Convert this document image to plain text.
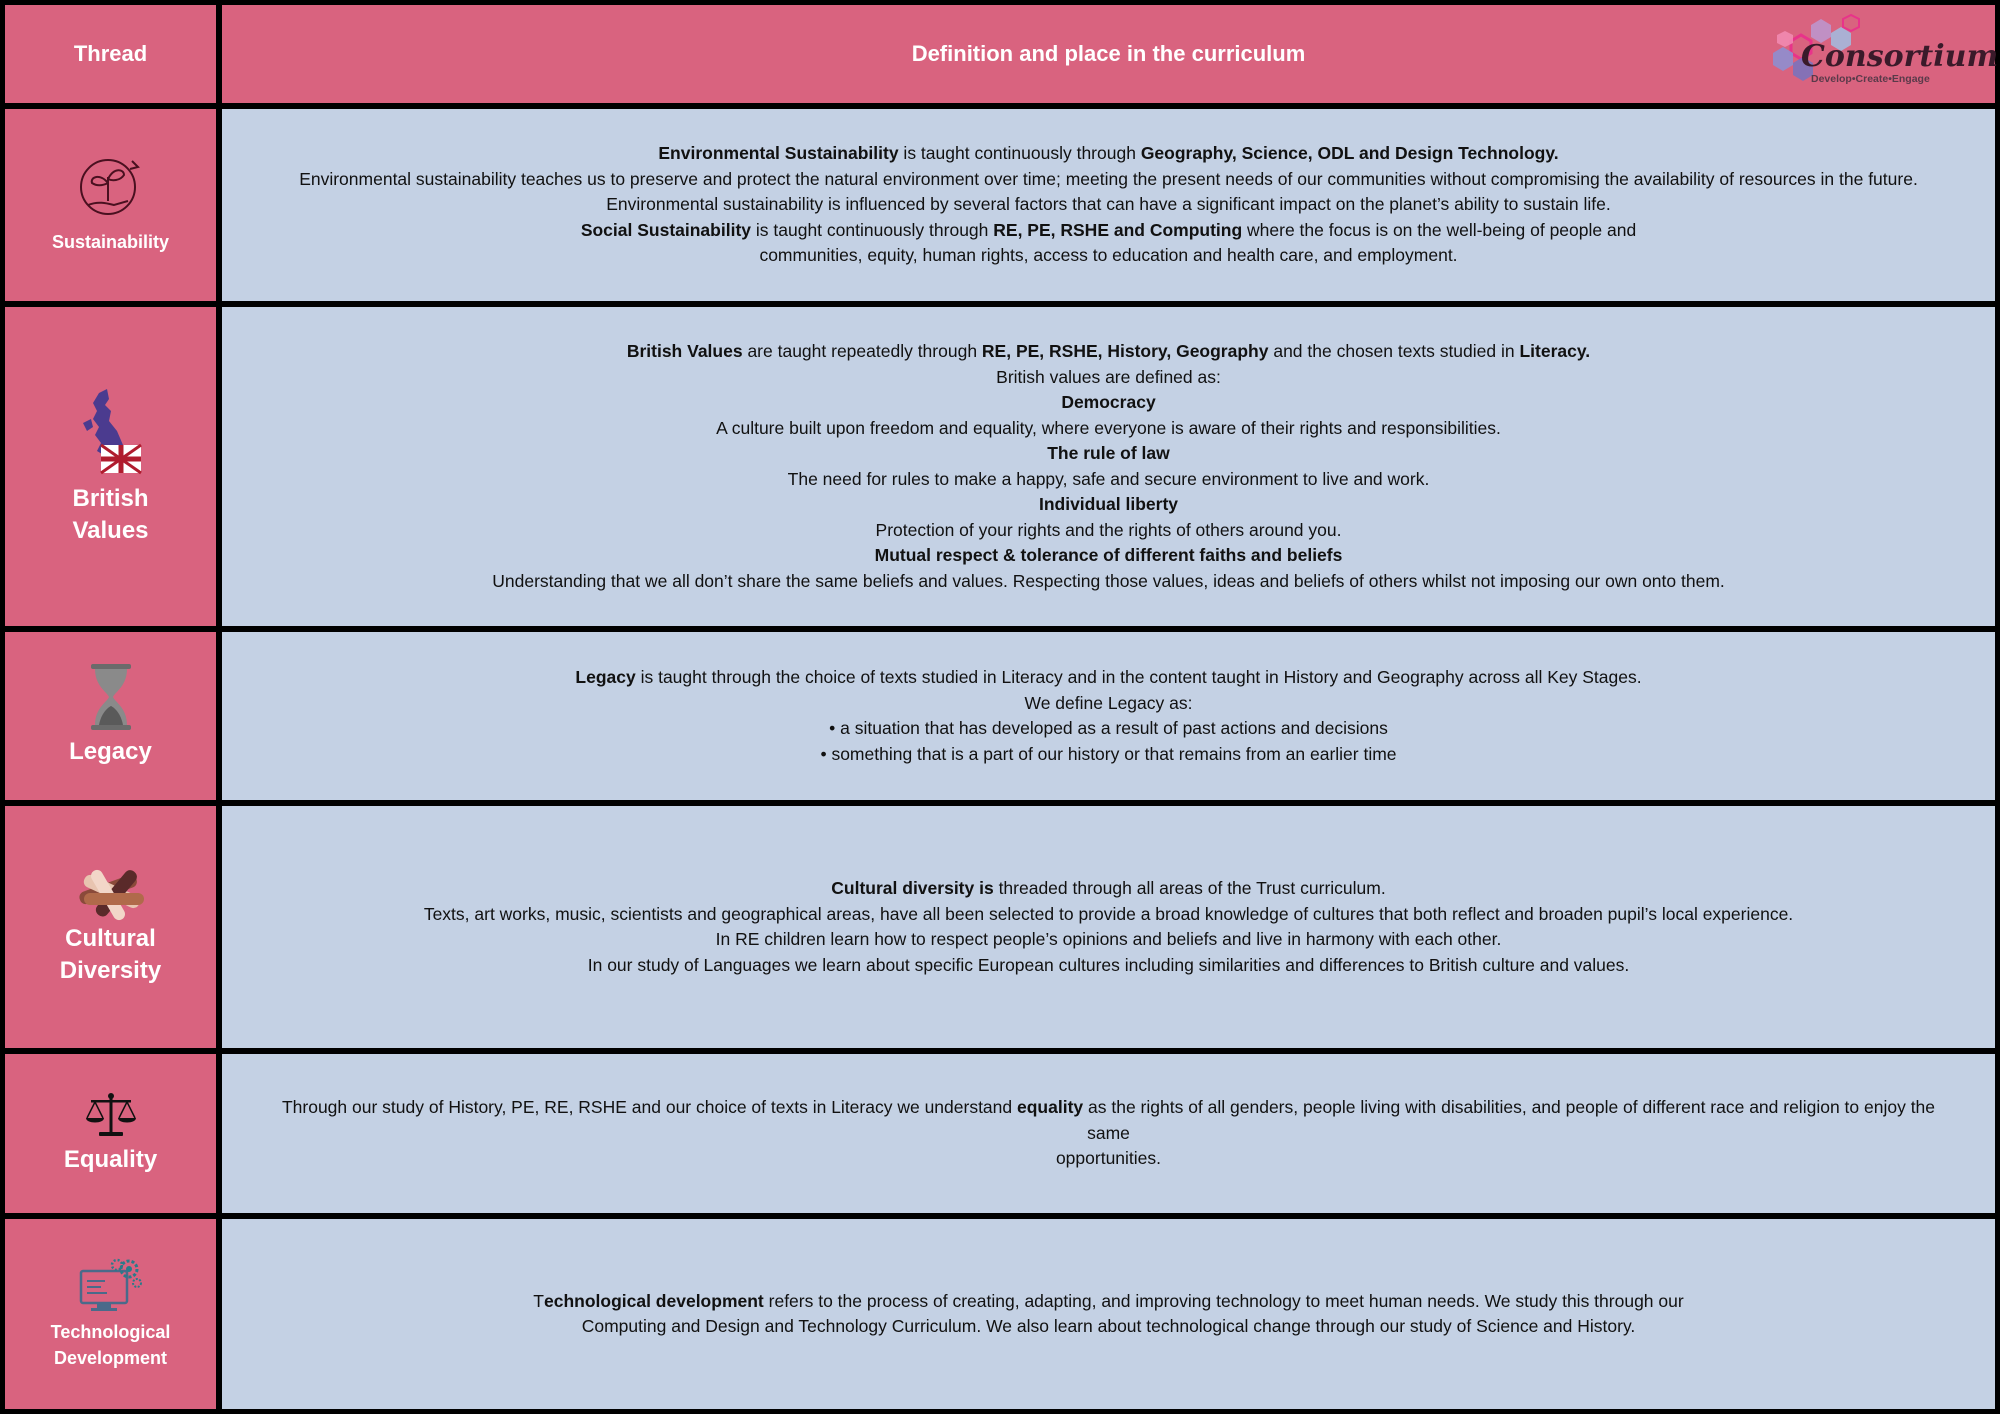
Thread	Definition and place in the curriculum	Consortium
Develop•Create•Engage
Sustainability

Environmental Sustainability is taught continuously through Geography, Science, ODL and Design Technology.

Environmental sustainability teaches us to preserve and protect the natural environment over time; meeting the present needs of our communities without compromising the availability of resources in the future.

Environmental sustainability is influenced by several factors that can have a significant impact on the planet’s ability to sustain life.

Social Sustainability is taught continuously through RE, PE, RSHE and Computing where the focus is on the well-being of people and

communities, equity, human rights, access to education and health care, and employment.

British
Values

British Values are taught repeatedly through RE, PE, RSHE, History, Geography and the chosen texts studied in Literacy.

British values are defined as:

Democracy

A culture built upon freedom and equality, where everyone is aware of their rights and responsibilities.

The rule of law

The need for rules to make a happy, safe and secure environment to live and work.

Individual liberty

Protection of your rights and the rights of others around you.

Mutual respect & tolerance of different faiths and beliefs

Understanding that we all don’t share the same beliefs and values. Respecting those values, ideas and beliefs of others whilst not imposing our own onto them.

Legacy

Legacy is taught through the choice of texts studied in Literacy and in the content taught in History and Geography across all Key Stages.

We define Legacy as:

• a situation that has developed as a result of past actions and decisions

• something that is a part of our history or that remains from an earlier time

Cultural
Diversity

Cultural diversity is threaded through all areas of the Trust curriculum.

Texts, art works, music, scientists and geographical areas, have all been selected to provide a broad knowledge of cultures that both reflect and broaden pupil’s local experience.

In RE children learn how to respect people’s opinions and beliefs and live in harmony with each other.

In our study of Languages we learn about specific European cultures including similarities and differences to British culture and values.

Equality

Through our study of History, PE, RE, RSHE and our choice of texts in Literacy we understand equality as the rights of all genders, people living with disabilities, and people of different race and religion to enjoy the same

opportunities.

Technological
Development

Technological development refers to the process of creating, adapting, and improving technology to meet human needs. We study this through our

Computing and Design and Technology Curriculum. We also learn about technological change through our study of Science and History.
